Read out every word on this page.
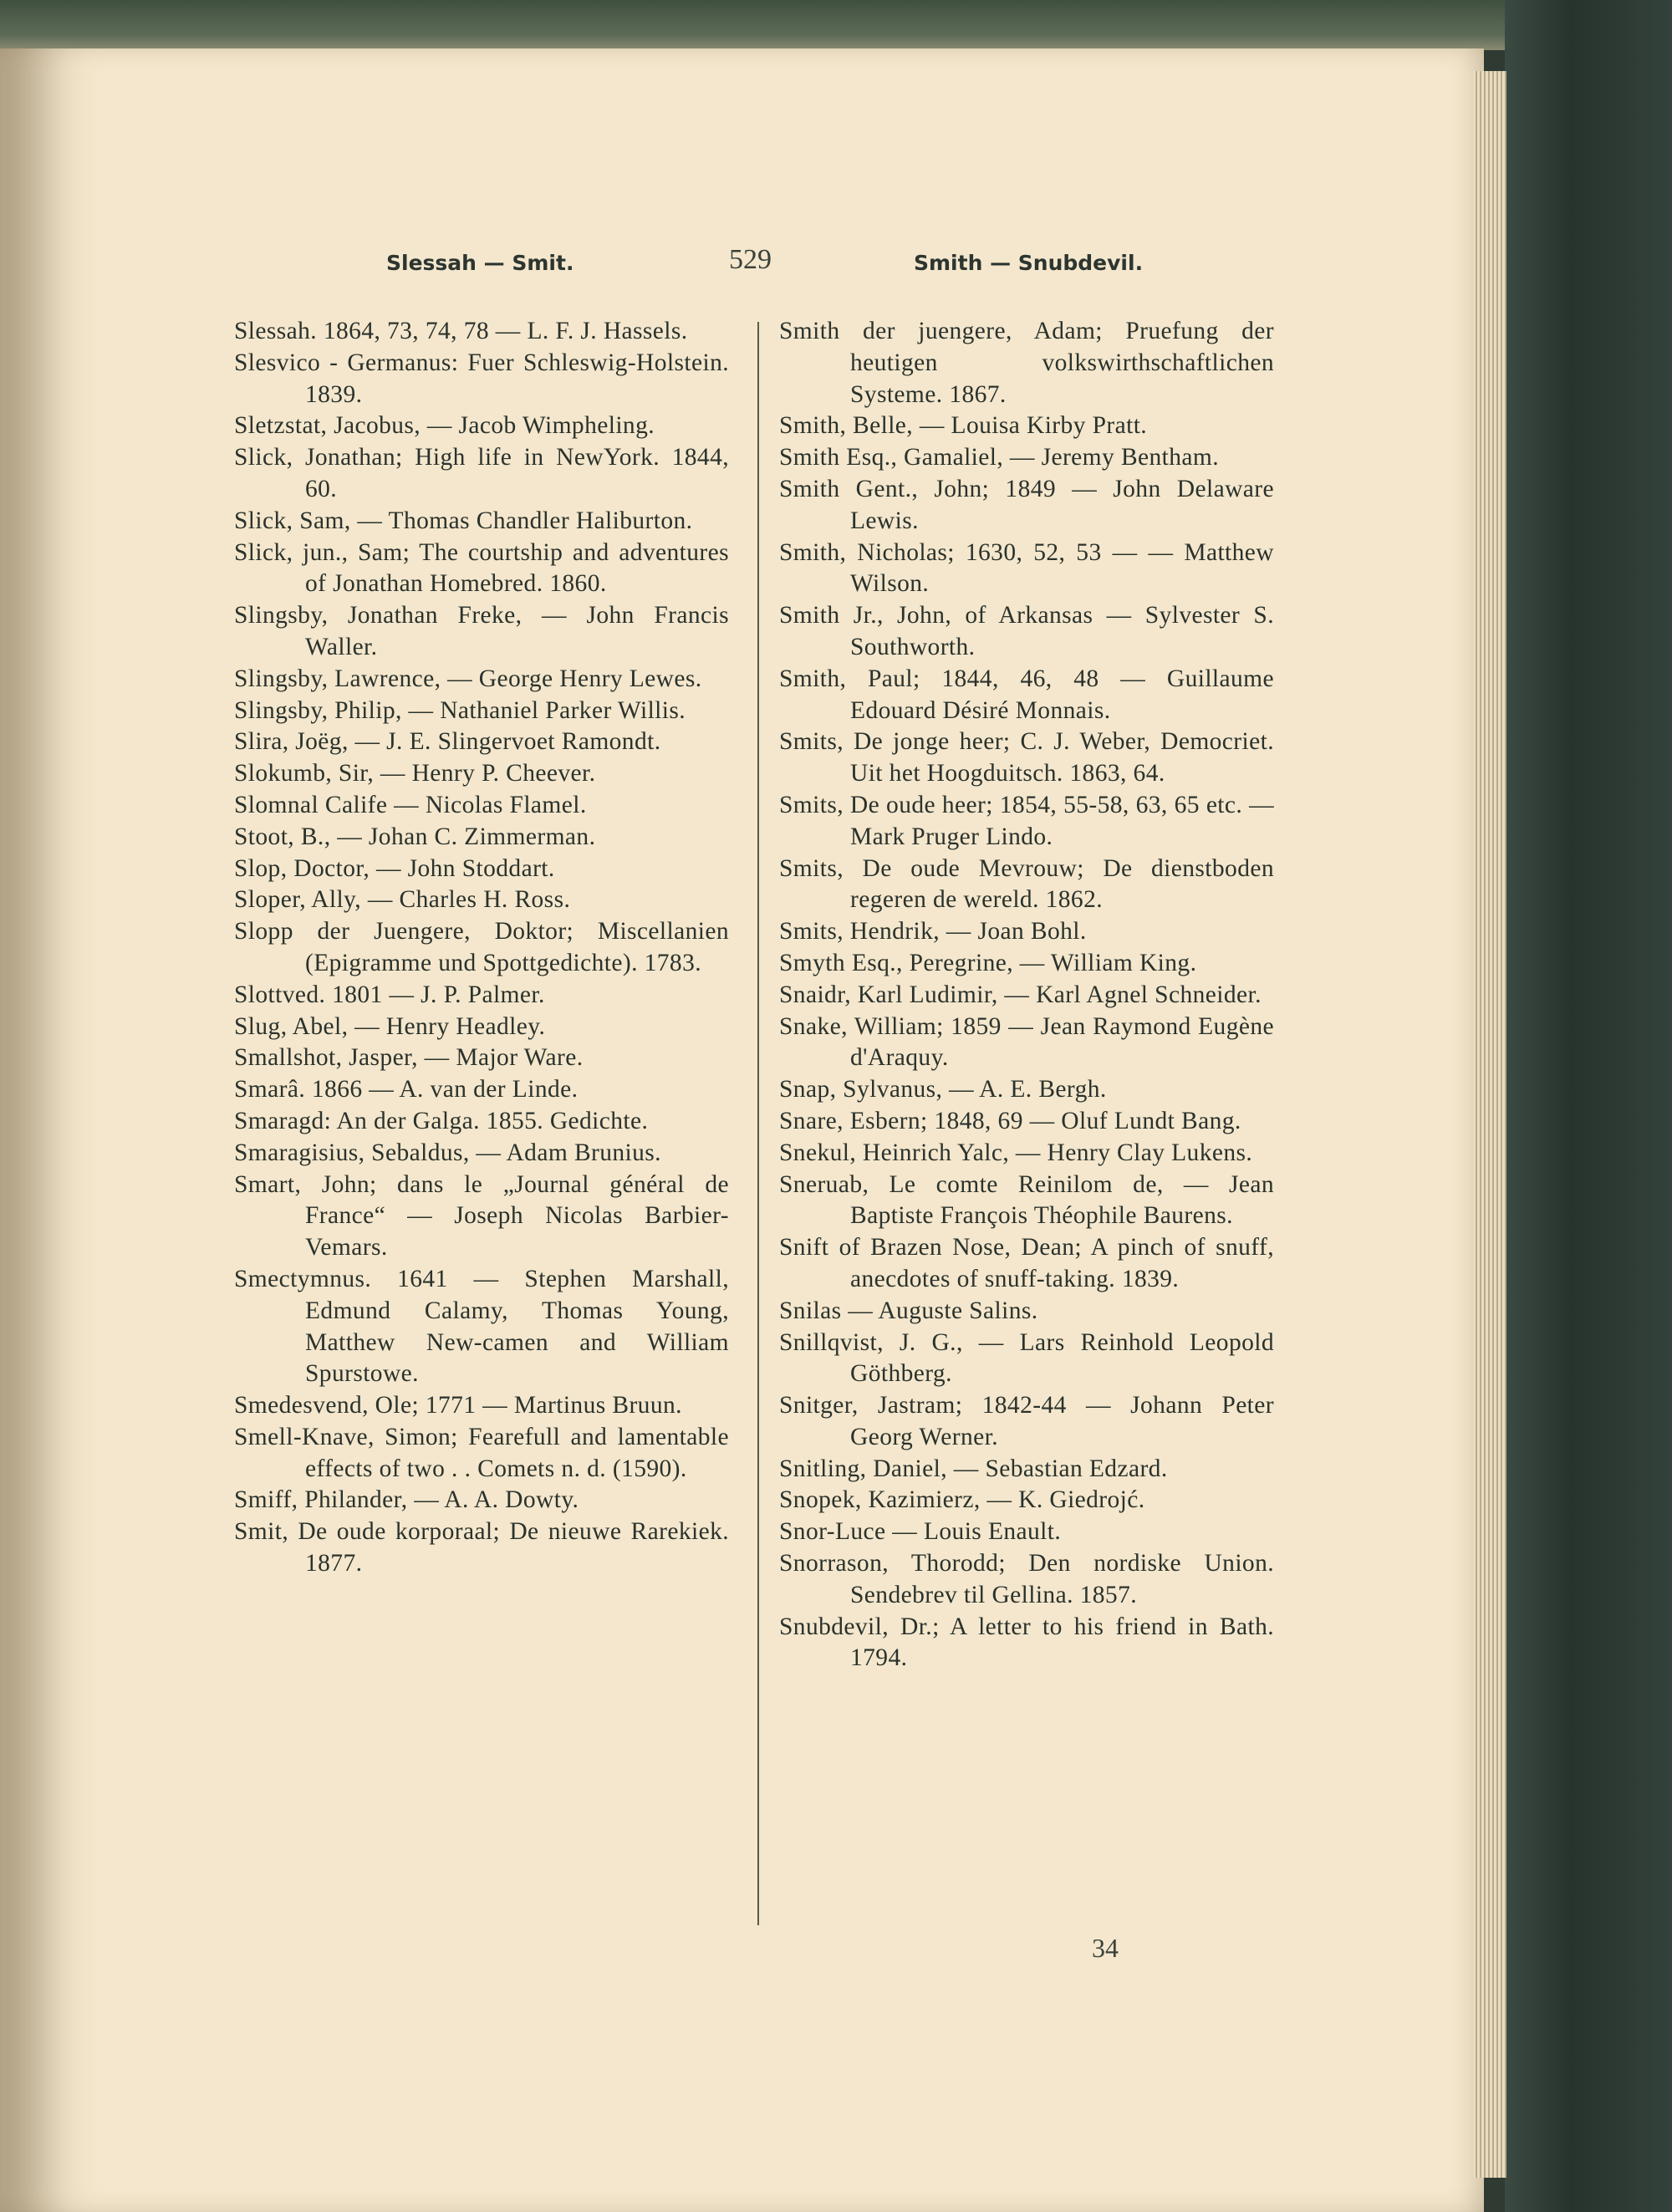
Slessah — Smit.	529	Smith — Snubdevil.
Slessah. 1864, 73, 74, 78 — L. F. J. Hassels.
Slesvico - Germanus: Fuer Schleswig-Holstein. 1839.
Sletzstat, Jacobus, — Jacob Wimpheling.
Slick, Jonathan; High life in NewYork. 1844, 60.
Slick, Sam, — Thomas Chandler Haliburton.
Slick, jun., Sam; The courtship and adventures of Jonathan Homebred. 1860.
Slingsby, Jonathan Freke, — John Francis Waller.
Slingsby, Lawrence, — George Henry Lewes.
Slingsby, Philip, — Nathaniel Parker Willis.
Slira, Joëg, — J. E. Slingervoet Ramondt.
Slokumb, Sir, — Henry P. Cheever.
Slomnal Calife — Nicolas Flamel.
Stoot, B., — Johan C. Zimmerman.
Slop, Doctor, — John Stoddart.
Sloper, Ally, — Charles H. Ross.
Slopp der Juengere, Doktor; Miscellanien (Epigramme und Spottgedichte). 1783.
Slottved. 1801 — J. P. Palmer.
Slug, Abel, — Henry Headley.
Smallshot, Jasper, — Major Ware.
Smarâ. 1866 — A. van der Linde.
Smaragd: An der Galga. 1855. Gedichte.
Smaragisius, Sebaldus, — Adam Brunius.
Smart, John; dans le „Journal général de France“ — Joseph Nicolas Barbier-Vemars.
Smectymnus. 1641 — Stephen Marshall, Edmund Calamy, Thomas Young, Matthew New-camen and William Spurstowe.
Smedesvend, Ole; 1771 — Martinus Bruun.
Smell-Knave, Simon; Fearefull and lamentable effects of two . . Comets n. d. (1590).
Smiff, Philander, — A. A. Dowty.
Smit, De oude korporaal; De nieuwe Rarekiek. 1877.
Smith der juengere, Adam; Pruefung der heutigen volkswirthschaftlichen Systeme. 1867.
Smith, Belle, — Louisa Kirby Pratt.
Smith Esq., Gamaliel, — Jeremy Bentham.
Smith Gent., John; 1849 — John Delaware Lewis.
Smith, Nicholas; 1630, 52, 53 — — Matthew Wilson.
Smith Jr., John, of Arkansas — Sylvester S. Southworth.
Smith, Paul; 1844, 46, 48 — Guillaume Edouard Désiré Monnais.
Smits, De jonge heer; C. J. Weber, Democriet. Uit het Hoogduitsch. 1863, 64.
Smits, De oude heer; 1854, 55-58, 63, 65 etc. — Mark Pruger Lindo.
Smits, De oude Mevrouw; De dienstboden regeren de wereld. 1862.
Smits, Hendrik, — Joan Bohl.
Smyth Esq., Peregrine, — William King.
Snaidr, Karl Ludimir, — Karl Agnel Schneider.
Snake, William; 1859 — Jean Raymond Eugène d'Araquy.
Snap, Sylvanus, — A. E. Bergh.
Snare, Esbern; 1848, 69 — Oluf Lundt Bang.
Snekul, Heinrich Yalc, — Henry Clay Lukens.
Sneruab, Le comte Reinilom de, — Jean Baptiste François Théophile Baurens.
Snift of Brazen Nose, Dean; A pinch of snuff, anecdotes of snuff-taking. 1839.
Snilas — Auguste Salins.
Snillqvist, J. G., — Lars Reinhold Leopold Göthberg.
Snitger, Jastram; 1842-44 — Johann Peter Georg Werner.
Snitling, Daniel, — Sebastian Edzard.
Snopek, Kazimierz, — K. Giedrojć.
Snor-Luce — Louis Enault.
Snorrason, Thorodd; Den nordiske Union. Sendebrev til Gellina. 1857.
Snubdevil, Dr.; A letter to his friend in Bath. 1794.
34
